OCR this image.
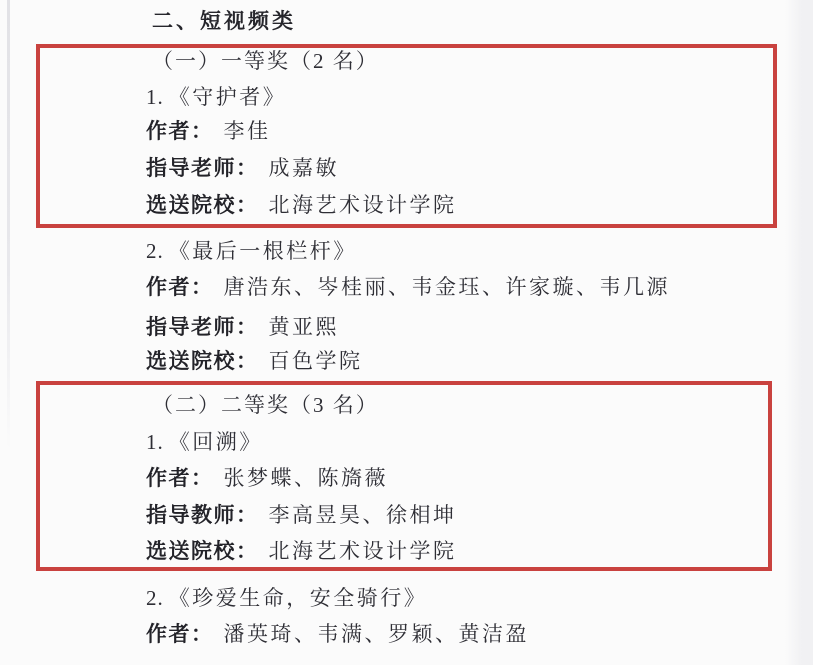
二、短视频类
（一）一等奖（2 名）
1. 《守护者》
作者： 李佳
指导老师： 成嘉敏
选送院校： 北海艺术设计学院
2. 《最后一根栏杆》
作者： 唐浩东、岑桂丽、韦金珏、许家璇、韦几源
指导老师： 黄亚熙
选送院校： 百色学院
（二）二等奖（3 名）
1. 《回溯》
作者： 张梦蝶、陈旖薇
指导教师： 李高昱昊、徐相坤
选送院校： 北海艺术设计学院
2. 《珍爱生命，安全骑行》
作者： 潘英琦、韦满、罗颖、黄洁盈
